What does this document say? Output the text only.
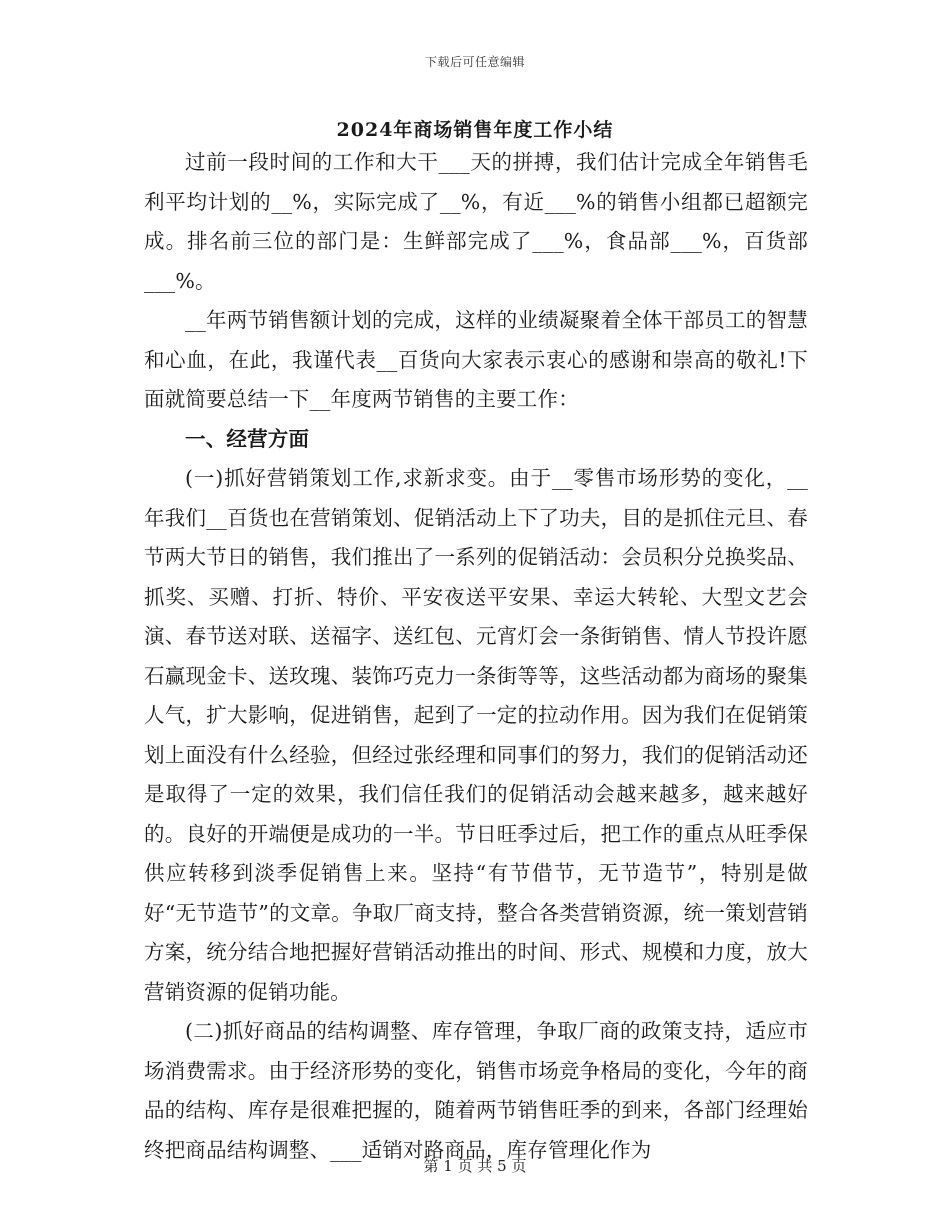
下载后可任意编辑
2024年商场销售年度工作小结

过前一段时间的工作和大干___天的拼搏，我们估计完成全年销售毛利平均计划的__%，实际完成了__%，有近___%的销售小组都已超额完成。排名前三位的部门是：生鲜部完成了___%，食品部___%，百货部___%。

__年两节销售额计划的完成，这样的业绩凝聚着全体干部员工的智慧和心血，在此，我谨代表__百货向大家表示衷心的感谢和崇高的敬礼!下面就简要总结一下__年度两节销售的主要工作：

一、经营方面

(一)抓好营销策划工作,求新求变。由于__零售市场形势的变化，__年我们__百货也在营销策划、促销活动上下了功夫，目的是抓住元旦、春节两大节日的销售，我们推出了一系列的促销活动：会员积分兑换奖品、抓奖、买赠、打折、特价、平安夜送平安果、幸运大转轮、大型文艺会演、春节送对联、送福字、送红包、元宵灯会一条街销售、情人节投许愿石赢现金卡、送玫瑰、装饰巧克力一条街等等，这些活动都为商场的聚集人气，扩大影响，促进销售，起到了一定的拉动作用。因为我们在促销策划上面没有什么经验，但经过张经理和同事们的努力，我们的促销活动还是取得了一定的效果，我们信任我们的促销活动会越来越多，越来越好的。良好的开端便是成功的一半。节日旺季过后，把工作的重点从旺季保供应转移到淡季促销售上来。坚持“有节借节，无节造节”，特别是做好“无节造节”的文章。争取厂商支持，整合各类营销资源，统一策划营销方案，统分结合地把握好营销活动推出的时间、形式、规模和力度，放大营销资源的促销功能。

(二)抓好商品的结构调整、库存管理，争取厂商的政策支持，适应市场消费需求。由于经济形势的变化，销售市场竞争格局的变化，今年的商品的结构、库存是很难把握的，随着两节销售旺季的到来，各部门经理始终把商品结构调整、___适销对路商品，库存管理化作为

第 1 页 共 5 页
